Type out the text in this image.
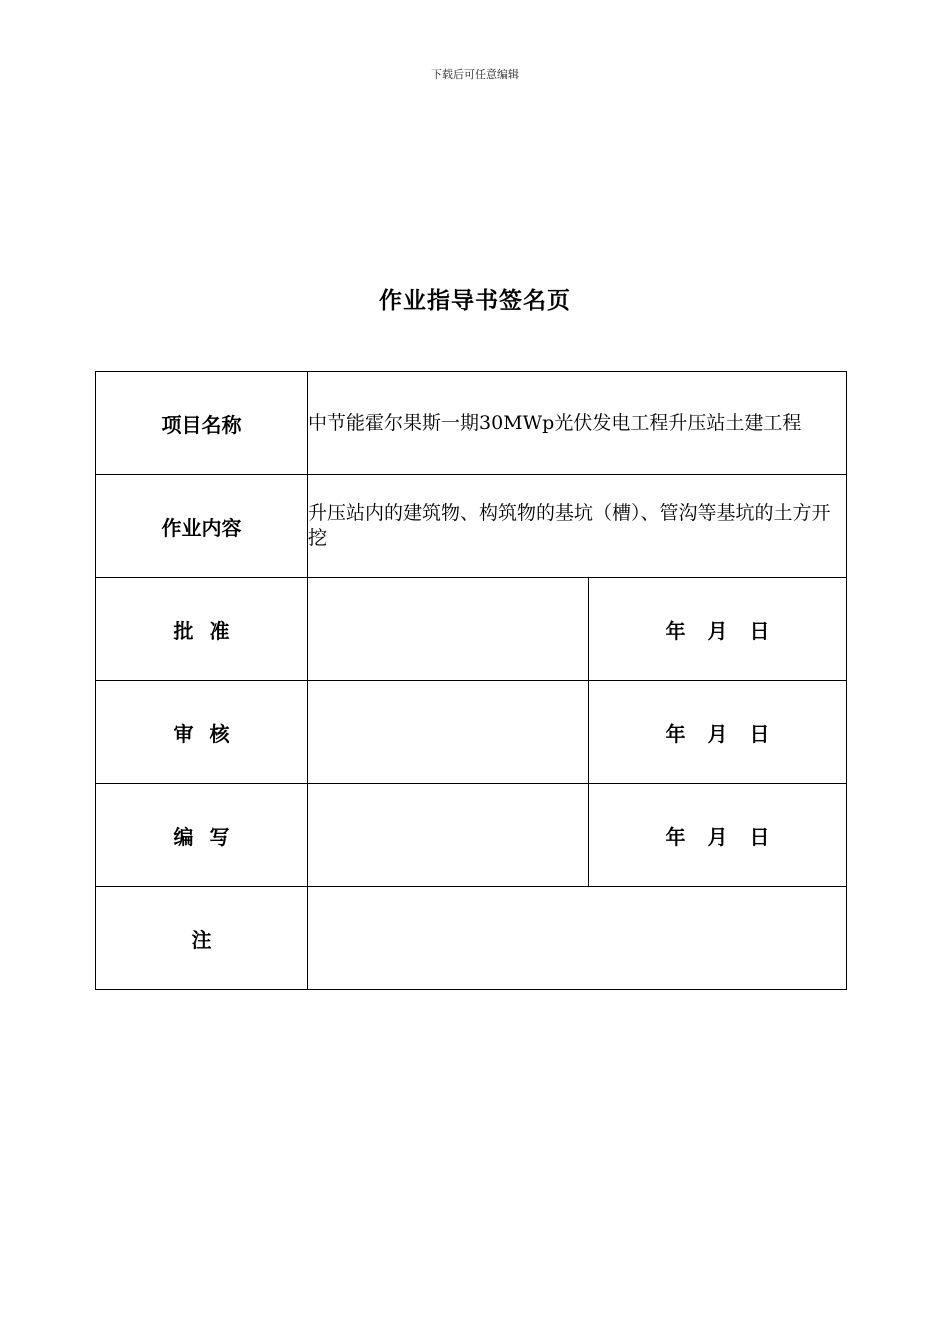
下载后可任意编辑
作业指导书签名页
项目名称	中节能霍尔果斯一期30MWp光伏发电工程升压站土建工程	
作业内容	升压站内的建筑物、构筑物的基坑（槽）、管沟等基坑的土方开挖	
批准		年 月 日
审核		年 月 日
编写		年 月 日
注		
